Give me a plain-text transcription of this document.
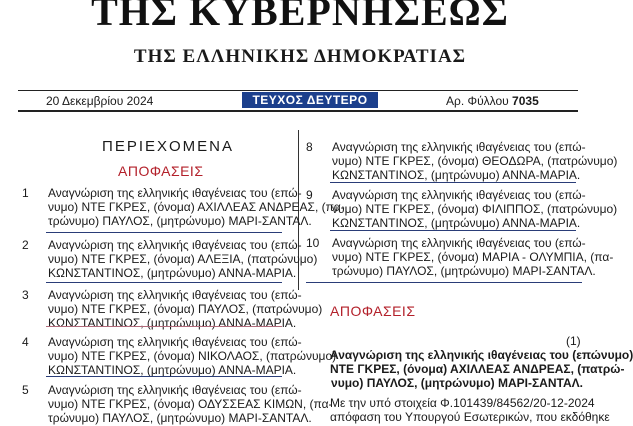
ΤΗΣ ΚΥΒΕΡΝΗΣΕΩΣ
ΤΗΣ ΕΛΛΗΝΙΚΗΣ ΔΗΜΟΚΡΑΤΙΑΣ
20 Δεκεμβρίου 2024	ΤΕΥΧΟΣ ΔΕΥΤΕΡΟ	Αρ. Φύλλου 7035
ΠΕΡΙΕΧΟΜΕΝΑ
ΑΠΟΦΑΣΕΙΣ
1 Αναγνώριση της ελληνικής ιθαγένειας του (επώ-
νυμο) ΝΤΕ ΓΚΡΕΣ, (όνομα) ΑΧΙΛΛΕΑΣ ΑΝΔΡΕΑΣ, (πα-
τρώνυμο) ΠΑΥΛΟΣ, (μητρώνυμο) ΜΑΡΙ-ΣΑΝΤΑΛ.
2 Αναγνώριση της ελληνικής ιθαγένειας του (επώ-
νυμο) ΝΤΕ ΓΚΡΕΣ, (όνομα) ΑΛΕΞΙΑ, (πατρώνυμο)
ΚΩΝΣΤΑΝΤΙΝΟΣ, (μητρώνυμο) ΑΝΝΑ-ΜΑΡΙΑ.
3 Αναγνώριση της ελληνικής ιθαγένειας του (επώ-
νυμο) ΝΤΕ ΓΚΡΕΣ, (όνομα) ΠΑΥΛΟΣ, (πατρώνυμο)
ΚΩΝΣΤΑΝΤΙΝΟΣ, (μητρώνυμο) ΑΝΝΑ-ΜΑΡΙΑ.
4 Αναγνώριση της ελληνικής ιθαγένειας του (επώ-
νυμο) ΝΤΕ ΓΚΡΕΣ, (όνομα) ΝΙΚΟΛΑΟΣ, (πατρώνυμο)
ΚΩΝΣΤΑΝΤΙΝΟΣ, (μητρώνυμο) ΑΝΝΑ-ΜΑΡΙΑ.
5 Αναγνώριση της ελληνικής ιθαγένειας του (επώ-
νυμο) ΝΤΕ ΓΚΡΕΣ, (όνομα) ΟΔΥΣΣΕΑΣ ΚΙΜΩΝ, (πα-
τρώνυμο) ΠΑΥΛΟΣ, (μητρώνυμο) ΜΑΡΙ-ΣΑΝΤΑΛ.
8 Αναγνώριση της ελληνικής ιθαγένειας του (επώ-
νυμο) ΝΤΕ ΓΚΡΕΣ, (όνομα) ΘΕΟΔΩΡΑ, (πατρώνυμο)
ΚΩΝΣΤΑΝΤΙΝΟΣ, (μητρώνυμο) ΑΝΝΑ-ΜΑΡΙΑ.
9 Αναγνώριση της ελληνικής ιθαγένειας του (επώ-
νυμο) ΝΤΕ ΓΚΡΕΣ, (όνομα) ΦΙΛΙΠΠΟΣ, (πατρώνυμο)
ΚΩΝΣΤΑΝΤΙΝΟΣ, (μητρώνυμο) ΑΝΝΑ-ΜΑΡΙΑ.
10 Αναγνώριση της ελληνικής ιθαγένειας του (επώ-
νυμο) ΝΤΕ ΓΚΡΕΣ, (όνομα) ΜΑΡΙΑ - ΟΛΥΜΠΙΑ, (πα-
τρώνυμο) ΠΑΥΛΟΣ, (μητρώνυμο) ΜΑΡΙ-ΣΑΝΤΑΛ.
ΑΠΟΦΑΣΕΙΣ
(1)
Αναγνώριση της ελληνικής ιθαγένειας του (επώνυμο)
ΝΤΕ ΓΚΡΕΣ, (όνομα) ΑΧΙΛΛΕΑΣ ΑΝΔΡΕΑΣ, (πατρώ-
νυμο) ΠΑΥΛΟΣ, (μητρώνυμο) ΜΑΡΙ-ΣΑΝΤΑΛ.
Με την υπό στοιχεία Φ.101439/84562/20-12-2024
απόφαση του Υπουργού Εσωτερικών, που εκδόθηκε
